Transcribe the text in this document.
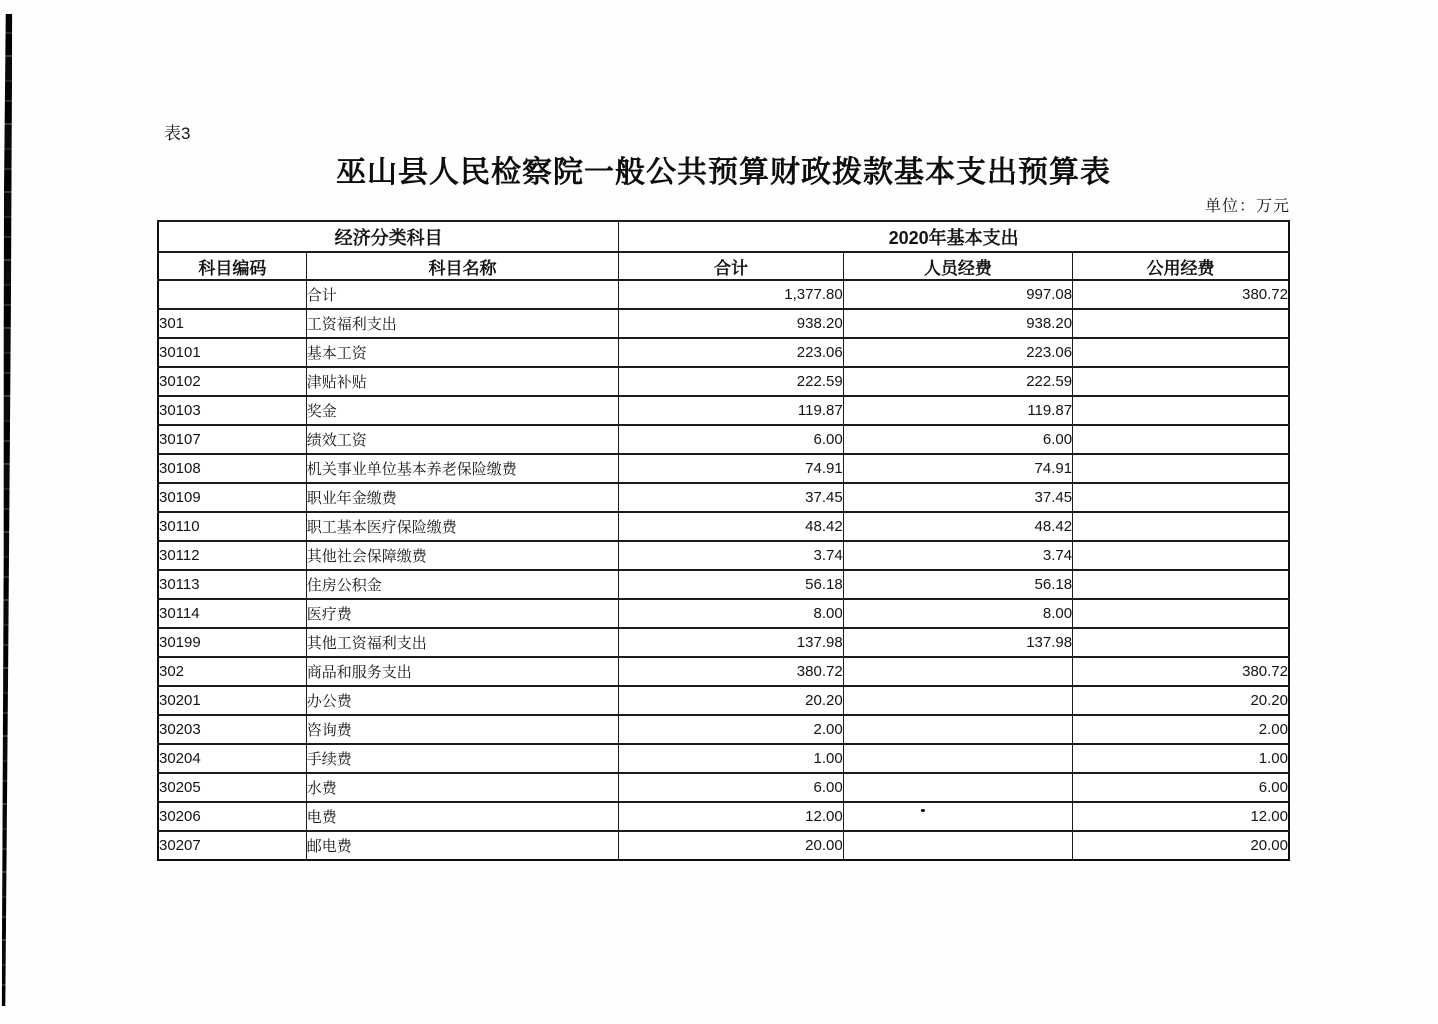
表3
巫山县人民检察院一般公共预算财政拨款基本支出预算表
单位：万元
经济分类科目		2020年基本支出		
科目编码	科目名称	合计	人员经费	公用经费
	合计	1,377.80	997.08	380.72
301	工资福利支出	938.20	938.20	
30101	基本工资	223.06	223.06	
30102	津贴补贴	222.59	222.59	
30103	奖金	119.87	119.87	
30107	绩效工资	6.00	6.00	
30108	机关事业单位基本养老保险缴费	74.91	74.91	
30109	职业年金缴费	37.45	37.45	
30110	职工基本医疗保险缴费	48.42	48.42	
30112	其他社会保障缴费	3.74	3.74	
30113	住房公积金	56.18	56.18	
30114	医疗费	8.00	8.00	
30199	其他工资福利支出	137.98	137.98	
302	商品和服务支出	380.72		380.72
30201	办公费	20.20		20.20
30203	咨询费	2.00		2.00
30204	手续费	1.00		1.00
30205	水费	6.00		6.00
30206	电费	12.00		12.00
30207	邮电费	20.00		20.00
